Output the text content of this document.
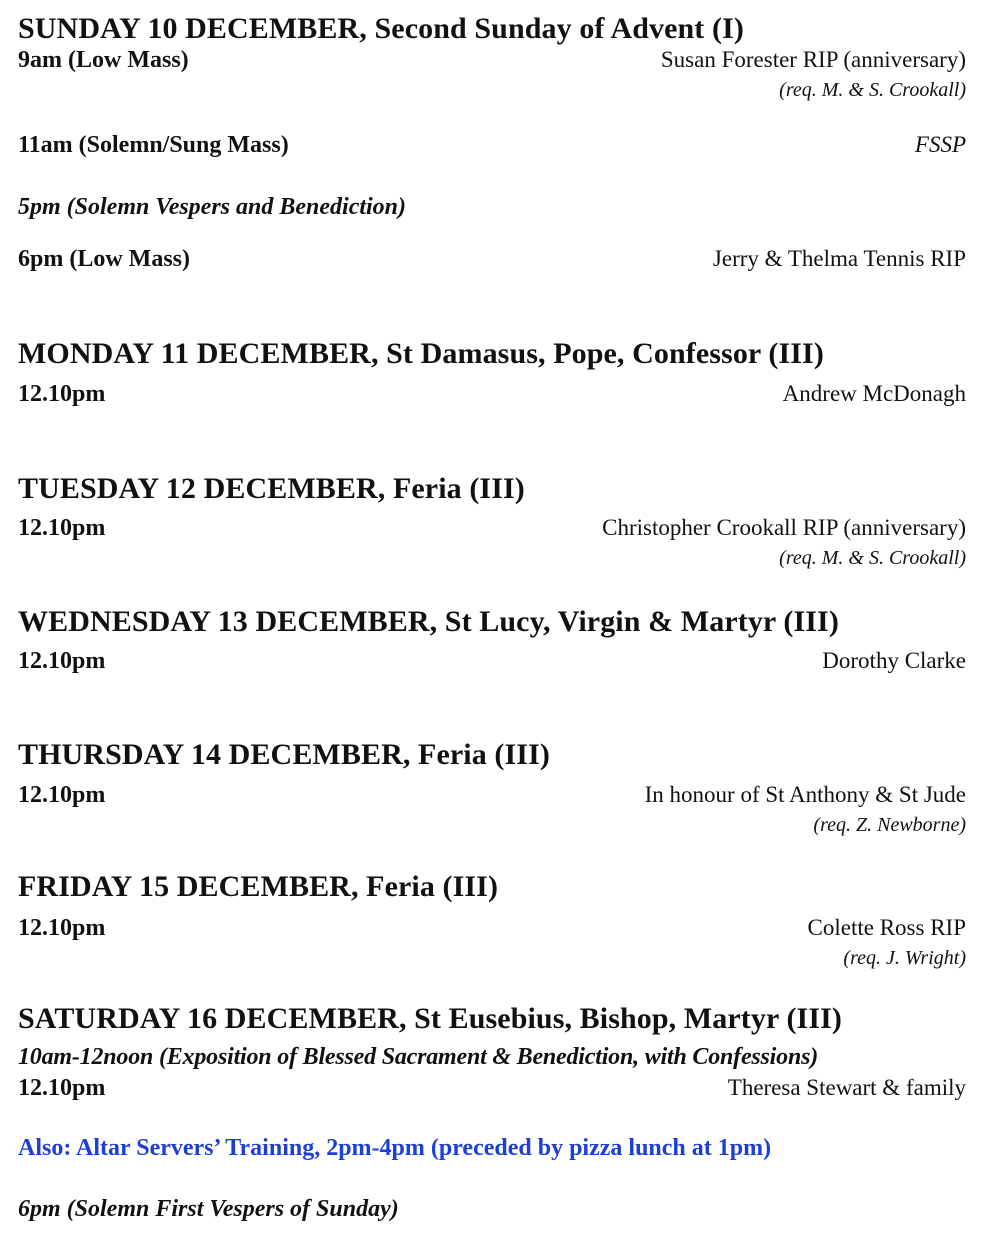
SUNDAY 10 DECEMBER, Second Sunday of Advent (I)
9am (Low Mass)	Susan Forester RIP (anniversary)
(req. M. & S. Crookall)
11am (Solemn/Sung Mass)	FSSP
5pm (Solemn Vespers and Benediction)
6pm (Low Mass)	Jerry & Thelma Tennis RIP
MONDAY 11 DECEMBER, St Damasus, Pope, Confessor (III)
12.10pm	Andrew McDonagh
TUESDAY 12 DECEMBER, Feria (III)
12.10pm	Christopher Crookall RIP (anniversary)
(req. M. & S. Crookall)
WEDNESDAY 13 DECEMBER, St Lucy, Virgin & Martyr (III)
12.10pm	Dorothy Clarke
THURSDAY 14 DECEMBER, Feria (III)
12.10pm	In honour of St Anthony & St Jude
(req. Z. Newborne)
FRIDAY 15 DECEMBER, Feria (III)
12.10pm	Colette Ross RIP
(req. J. Wright)
SATURDAY 16 DECEMBER, St Eusebius, Bishop, Martyr (III)
10am-12noon (Exposition of Blessed Sacrament & Benediction, with Confessions)
12.10pm	Theresa Stewart & family
Also: Altar Servers’ Training, 2pm-4pm (preceded by pizza lunch at 1pm)
6pm (Solemn First Vespers of Sunday)
